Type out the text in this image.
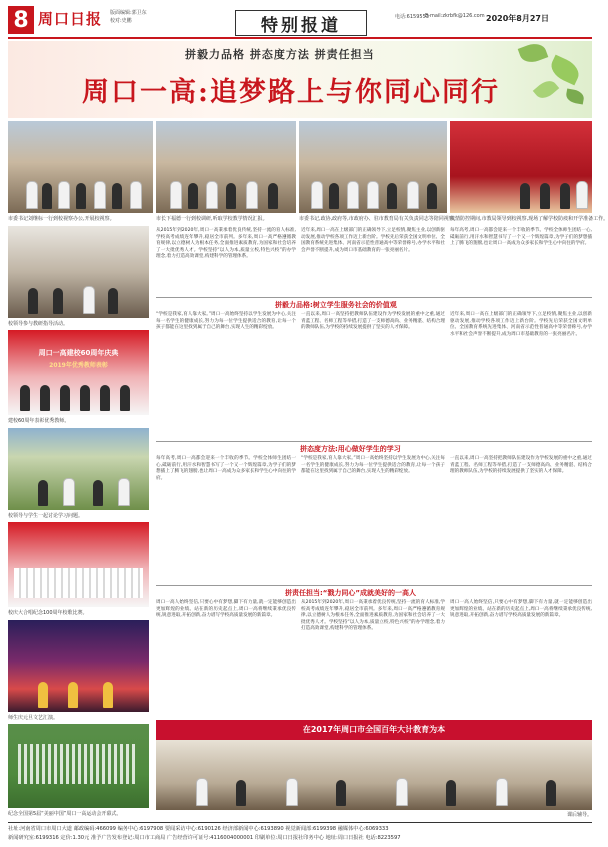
8 周口日报 版面编辑:郭卫东
校对:史鹏
电话:6159553
E-mail:zkrbfk@126.com
特别报道	2020年8月27日
拼毅力品格 拼态度方法 拼责任担当
周口一高:追梦路上与你同心同行
市委书记刘继标一行到校视察办公,开展校视察。	市长下福德一行到校调研,听取学校教学情况汇报。	市委书记,政协,政府等,市政府办、驻市教育局有关负责同志等陪同视察。
疫情防控期间,市教局领导到校视察,现场了解学校防疫和开学准备工作。
校领导参与教研指导活动。
周口一高建校60周年庆典
2019年优秀教师表彰
建校60周年表彰优秀教师。
校领导与学生一起讨论学习问题。
校庆大合唱纪念100周年校歌比赛。
师生庆元旦文艺汇演。
纪念全国第5届“美丽中国”周口一高运动会开幕式。
从2015年到2020年,周口一高秉承着优良传统,坚持一流的育人标准,学校高考成绩连年攀升,稳居全市前列。多年来,周口一高严格遵循教育规律,以立德树人为根本任务,全面推进素质教育,为国家和社会培养了一大批优秀人才。学校坚持“以人为本,质量立校,特色兴校”的办学理念,着力打造高效课堂,构建科学的管理体系。
近年来,周口一高在上级部门的正确领导下,立足校情,聚焦主业,以创新驱动发展,推动学校各项工作迈上新台阶。学校先后荣获全国文明单位、全国教育系统先进集体、河南省示范性普通高中等荣誉称号,办学水平和社会声誉不断提升,成为周口市基础教育的一张亮丽名片。
每年高考,周口一高都会迎来一个丰收的季节。学校全体师生团结一心,砥砺前行,用汗水和智慧书写了一个又一个辉煌篇章,为学子们的梦想插上了腾飞的翅膀,也让周口一高成为众多家长和学生心中向往的学府。
拼毅力品格:树立学生服务社会的价值观
“学校是我家,育人靠大家。”周口一高始终坚持以学生发展为中心,关注每一名学生的健康成长,努力为每一位学生提供适合的教育,让每一个孩子都能在这里找到属于自己的舞台,实现人生的精彩绽放。
一直以来,周口一高坚持把教师队伍建设作为学校发展的重中之重,通过青蓝工程、名师工程等举措,打造了一支师德高尚、业务精湛、结构合理的教师队伍,为学校的持续发展提供了坚实的人才保障。
近年来,周口一高在上级部门的正确领导下,立足校情,聚焦主业,以创新驱动发展,推动学校各项工作迈上新台阶。学校先后荣获全国文明单位、全国教育系统先进集体、河南省示范性普通高中等荣誉称号,办学水平和社会声誉不断提升,成为周口市基础教育的一张亮丽名片。
拼态度方法:用心做好学生的学习
每年高考,周口一高都会迎来一个丰收的季节。学校全体师生团结一心,砥砺前行,用汗水和智慧书写了一个又一个辉煌篇章,为学子们的梦想插上了腾飞的翅膀,也让周口一高成为众多家长和学生心中向往的学府。
“学校是我家,育人靠大家。”周口一高始终坚持以学生发展为中心,关注每一名学生的健康成长,努力为每一位学生提供适合的教育,让每一个孩子都能在这里找到属于自己的舞台,实现人生的精彩绽放。
一直以来,周口一高坚持把教师队伍建设作为学校发展的重中之重,通过青蓝工程、名师工程等举措,打造了一支师德高尚、业务精湛、结构合理的教师队伍,为学校的持续发展提供了坚实的人才保障。
拼责任担当:“戮力同心”成就美好的一高人
周口一高人始终坚信,只要心中有梦想,脚下有力量,就一定能够创造出更加辉煌的业绩。站在新的历史起点上,周口一高将继续秉承优良传统,锐意进取,开拓创新,奋力谱写学校高质量发展的新篇章。
从2015年到2020年,周口一高秉承着优良传统,坚持一流的育人标准,学校高考成绩连年攀升,稳居全市前列。多年来,周口一高严格遵循教育规律,以立德树人为根本任务,全面推进素质教育,为国家和社会培养了一大批优秀人才。学校坚持“以人为本,质量立校,特色兴校”的办学理念,着力打造高效课堂,构建科学的管理体系。
周口一高人始终坚信,只要心中有梦想,脚下有力量,就一定能够创造出更加辉煌的业绩。站在新的历史起点上,周口一高将继续秉承优良传统,锐意进取,开拓创新,奋力谱写学校高质量发展的新篇章。
在2017年周口市全国百年大计教育为本
课后辅导。
社址:河南省周口市周口大道 邮政编码:466099 编务中心:6197908 要闻采访中心:6190126 经济部新闻中心:6193890 视觉新闻部:6199398 融媒体中心:6069333
新闻研究室:6199316 定价:1.30元 准予广告发布登记:周口市工商局 广告经营许可证号:4116004000001 印刷单位:周口日报社印务中心 地址:周口日报社 电话:8223597
